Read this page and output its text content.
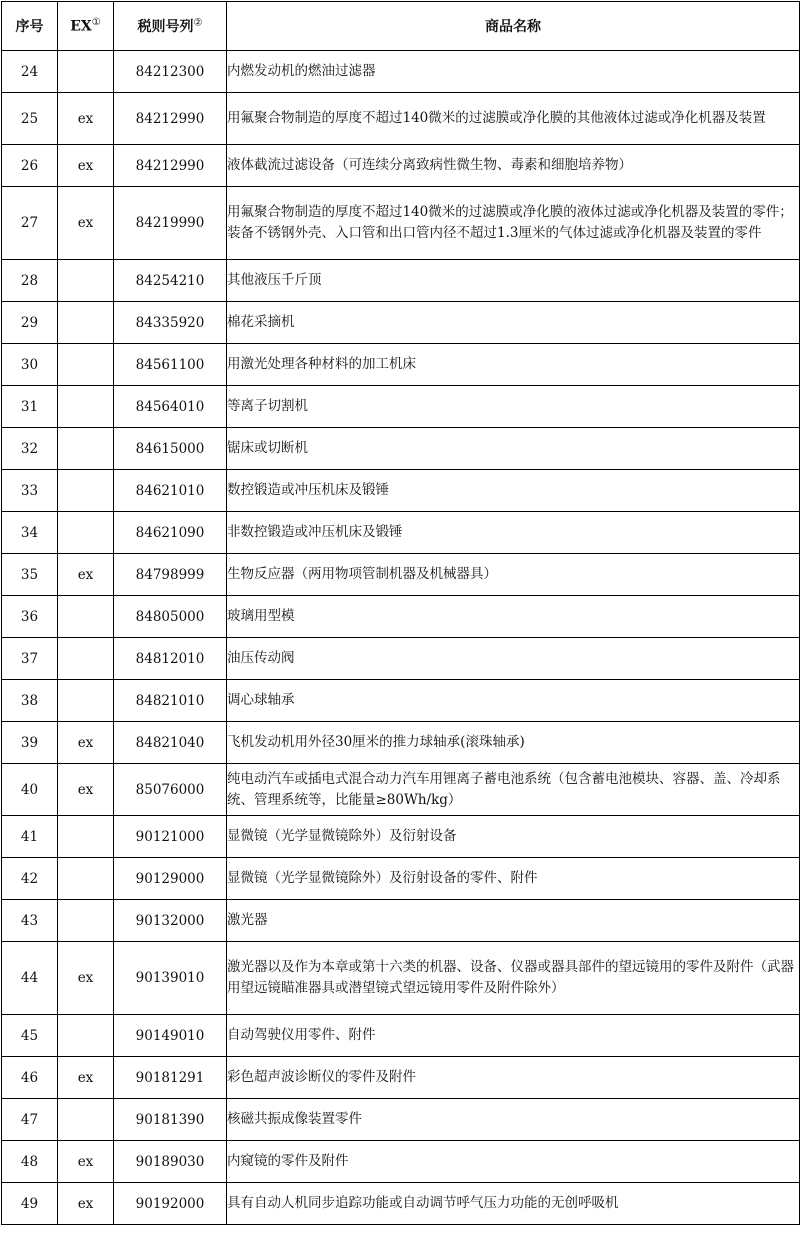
序号	EX①	税则号列②	商品名称
24		84212300	内燃发动机的燃油过滤器
25	ex	84212990	用氟聚合物制造的厚度不超过140微米的过滤膜或净化膜的其他液体过滤或净化机器及装置
26	ex	84212990	液体截流过滤设备（可连续分离致病性微生物、毒素和细胞培养物）
27	ex	84219990	用氟聚合物制造的厚度不超过140微米的过滤膜或净化膜的液体过滤或净化机器及装置的零件；装备不锈钢外壳、入口管和出口管内径不超过1.3厘米的气体过滤或净化机器及装置的零件
28		84254210	其他液压千斤顶
29		84335920	棉花采摘机
30		84561100	用激光处理各种材料的加工机床
31		84564010	等离子切割机
32		84615000	锯床或切断机
33		84621010	数控锻造或冲压机床及锻锤
34		84621090	非数控锻造或冲压机床及锻锤
35	ex	84798999	生物反应器（两用物项管制机器及机械器具）
36		84805000	玻璃用型模
37		84812010	油压传动阀
38		84821010	调心球轴承
39	ex	84821040	飞机发动机用外径30厘米的推力球轴承(滚珠轴承)
40	ex	85076000	纯电动汽车或插电式混合动力汽车用锂离子蓄电池系统（包含蓄电池模块、容器、盖、冷却系统、管理系统等，比能量≥80Wh/kg）
41		90121000	显微镜（光学显微镜除外）及衍射设备
42		90129000	显微镜（光学显微镜除外）及衍射设备的零件、附件
43		90132000	激光器
44	ex	90139010	激光器以及作为本章或第十六类的机器、设备、仪器或器具部件的望远镜用的零件及附件（武器用望远镜瞄准器具或潜望镜式望远镜用零件及附件除外）
45		90149010	自动驾驶仪用零件、附件
46	ex	90181291	彩色超声波诊断仪的零件及附件
47		90181390	核磁共振成像装置零件
48	ex	90189030	内窥镜的零件及附件
49	ex	90192000	具有自动人机同步追踪功能或自动调节呼气压力功能的无创呼吸机
